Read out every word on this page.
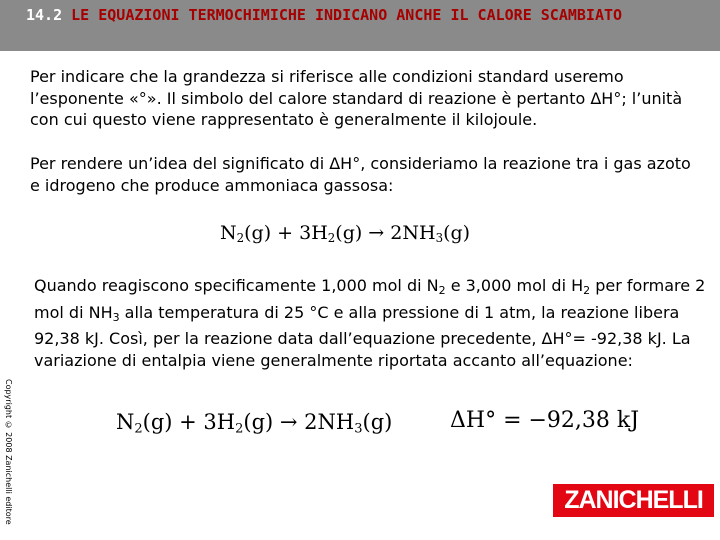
14.2 LE EQUAZIONI TERMOCHIMICHE INDICANO ANCHE IL CALORE SCAMBIATO

Per indicare che la grandezza si riferisce alle condizioni standard useremo l’esponente «°». Il simbolo del calore standard di reazione è pertanto ΔH°; l’unità con cui questo viene rappresentato è generalmente il kilojoule.

Per rendere un’idea del significato di ΔH°, consideriamo la reazione tra i gas azoto e idrogeno che produce ammoniaca gassosa:

$N_2(g) + 3H_2(g) \to 2NH_3(g)$

Quando reagiscono specificamente 1,000 mol di $N_2$ e 3,000 mol di $H_2$ per formare 2 mol di $NH_3$ alla temperatura di 25 °C e alla pressione di 1 atm, la reazione libera 92,38 kJ. Così, per la reazione data dall’equazione precedente, ΔH°= -92,38 kJ. La variazione di entalpia viene generalmente riportata accanto all’equazione:

$N_2(g) + 3H_2(g) \to 2NH_3(g)$	ΔH° = −92,38 kJ
Copyright © 2008 Zanichelli editore	ZANICHELLI
